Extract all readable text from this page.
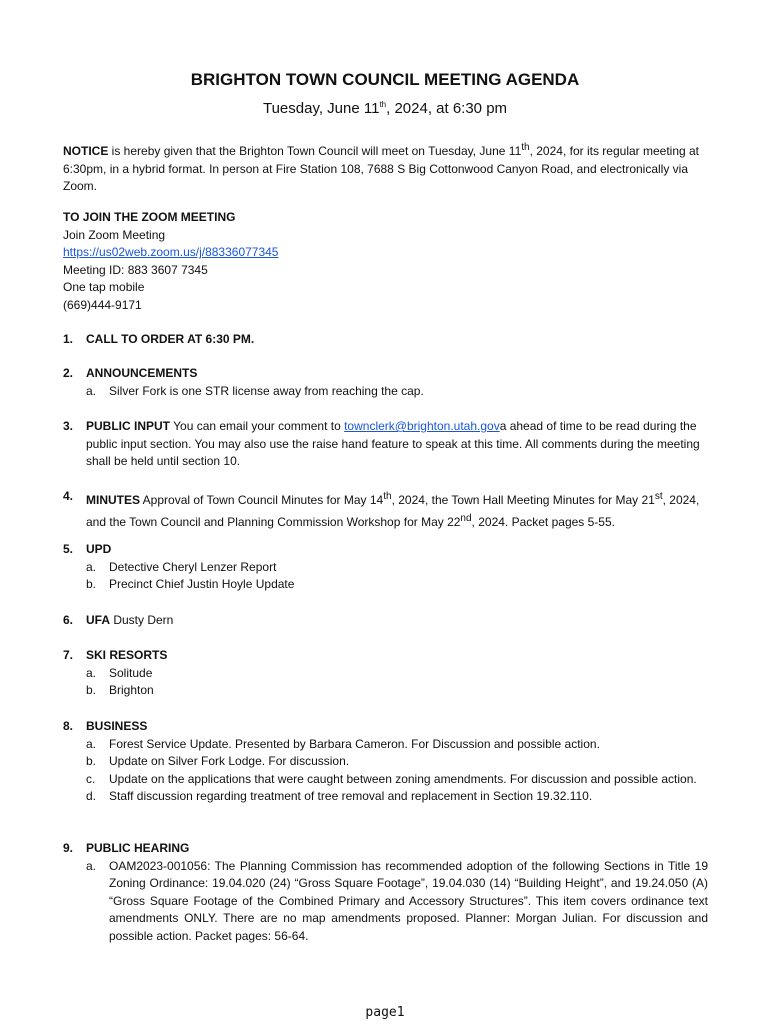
BRIGHTON TOWN COUNCIL MEETING AGENDA
Tuesday, June 11th, 2024, at 6:30 pm
NOTICE is hereby given that the Brighton Town Council will meet on Tuesday, June 11th, 2024, for its regular meeting at 6:30pm, in a hybrid format. In person at Fire Station 108, 7688 S Big Cottonwood Canyon Road, and electronically via Zoom.
TO JOIN THE ZOOM MEETING
Join Zoom Meeting
https://us02web.zoom.us/j/88336077345
Meeting ID: 883 3607 7345
One tap mobile
(669)444-9171
1. CALL TO ORDER AT 6:30 PM.
2. ANNOUNCEMENTS
a. Silver Fork is one STR license away from reaching the cap.
3. PUBLIC INPUT You can email your comment to townclerk@brighton.utah.gova ahead of time to be read during the public input section. You may also use the raise hand feature to speak at this time. All comments during the meeting shall be held until section 10.
4. MINUTES Approval of Town Council Minutes for May 14th, 2024, the Town Hall Meeting Minutes for May 21st, 2024, and the Town Council and Planning Commission Workshop for May 22nd, 2024. Packet pages 5-55.
5. UPD
a. Detective Cheryl Lenzer Report
b. Precinct Chief Justin Hoyle Update
6. UFA Dusty Dern
7. SKI RESORTS
a. Solitude
b. Brighton
8. BUSINESS
a. Forest Service Update. Presented by Barbara Cameron. For Discussion and possible action.
b. Update on Silver Fork Lodge. For discussion.
c. Update on the applications that were caught between zoning amendments. For discussion and possible action.
d. Staff discussion regarding treatment of tree removal and replacement in Section 19.32.110.
9. PUBLIC HEARING
a. OAM2023-001056: The Planning Commission has recommended adoption of the following Sections in Title 19 Zoning Ordinance: 19.04.020 (24) “Gross Square Footage”, 19.04.030 (14) “Building Height”, and 19.24.050 (A) “Gross Square Footage of the Combined Primary and Accessory Structures”. This item covers ordinance text amendments ONLY. There are no map amendments proposed. Planner: Morgan Julian. For discussion and possible action. Packet pages: 56-64.
page1
